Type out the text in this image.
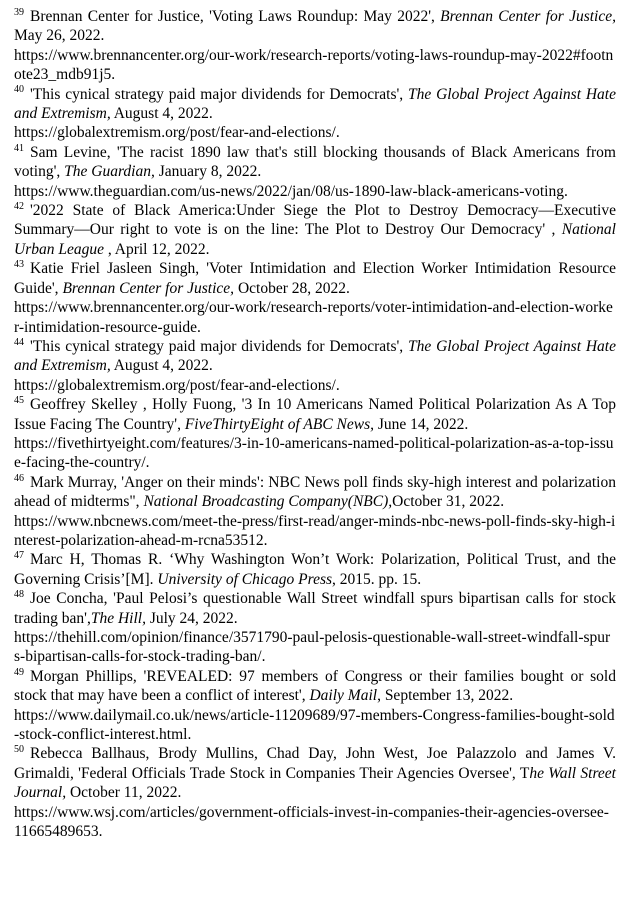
$^{39}$ Brennan Center for Justice, 'Voting Laws Roundup: May 2022', Brennan Center for Justice, May 26, 2022.
https://www.brennancenter.org/our-work/research-reports/voting-laws-roundup-may-2022#footnote23_mdb91j5.
$^{40}$ 'This cynical strategy paid major dividends for Democrats', The Global Project Against Hate and Extremism, August 4, 2022.
https://globalextremism.org/post/fear-and-elections/.
$^{41}$ Sam Levine, 'The racist 1890 law that's still blocking thousands of Black Americans from voting', The Guardian, January 8, 2022.
https://www.theguardian.com/us-news/2022/jan/08/us-1890-law-black-americans-voting.
$^{42}$ '2022 State of Black America:Under Siege the Plot to Destroy Democracy—Executive Summary—Our right to vote is on the line: The Plot to Destroy Our Democracy' , National Urban League , April 12, 2022.
$^{43}$ Katie Friel Jasleen Singh, 'Voter Intimidation and Election Worker Intimidation Resource Guide', Brennan Center for Justice, October 28, 2022.
https://www.brennancenter.org/our-work/research-reports/voter-intimidation-and-election-worker-intimidation-resource-guide.
$^{44}$ 'This cynical strategy paid major dividends for Democrats', The Global Project Against Hate and Extremism, August 4, 2022.
https://globalextremism.org/post/fear-and-elections/.
$^{45}$ Geoffrey Skelley , Holly Fuong, '3 In 10 Americans Named Political Polarization As A Top Issue Facing The Country', FiveThirtyEight of ABC News, June 14, 2022.
https://fivethirtyeight.com/features/3-in-10-americans-named-political-polarization-as-a-top-issue-facing-the-country/.
$^{46}$ Mark Murray, 'Anger on their minds': NBC News poll finds sky-high interest and polarization ahead of midterms", National Broadcasting Company(NBC),October 31, 2022.
https://www.nbcnews.com/meet-the-press/first-read/anger-minds-nbc-news-poll-finds-sky-high-interest-polarization-ahead-m-rcna53512.
$^{47}$ Marc H, Thomas R. ‘Why Washington Won’t Work: Polarization, Political Trust, and the Governing Crisis’[M]. University of Chicago Press, 2015. pp. 15.
$^{48}$ Joe Concha, 'Paul Pelosi’s questionable Wall Street windfall spurs bipartisan calls for stock trading ban',The Hill, July 24, 2022.
https://thehill.com/opinion/finance/3571790-paul-pelosis-questionable-wall-street-windfall-spurs-bipartisan-calls-for-stock-trading-ban/.
$^{49}$ Morgan Phillips, 'REVEALED: 97 members of Congress or their families bought or sold stock that may have been a conflict of interest', Daily Mail, September 13, 2022.
https://www.dailymail.co.uk/news/article-11209689/97-members-Congress-families-bought-sold-stock-conflict-interest.html.
$^{50}$ Rebecca Ballhaus, Brody Mullins, Chad Day, John West, Joe Palazzolo and James V. Grimaldi, 'Federal Officials Trade Stock in Companies Their Agencies Oversee', The Wall Street Journal, October 11, 2022.
https://www.wsj.com/articles/government-officials-invest-in-companies-their-agencies-oversee-11665489653.
